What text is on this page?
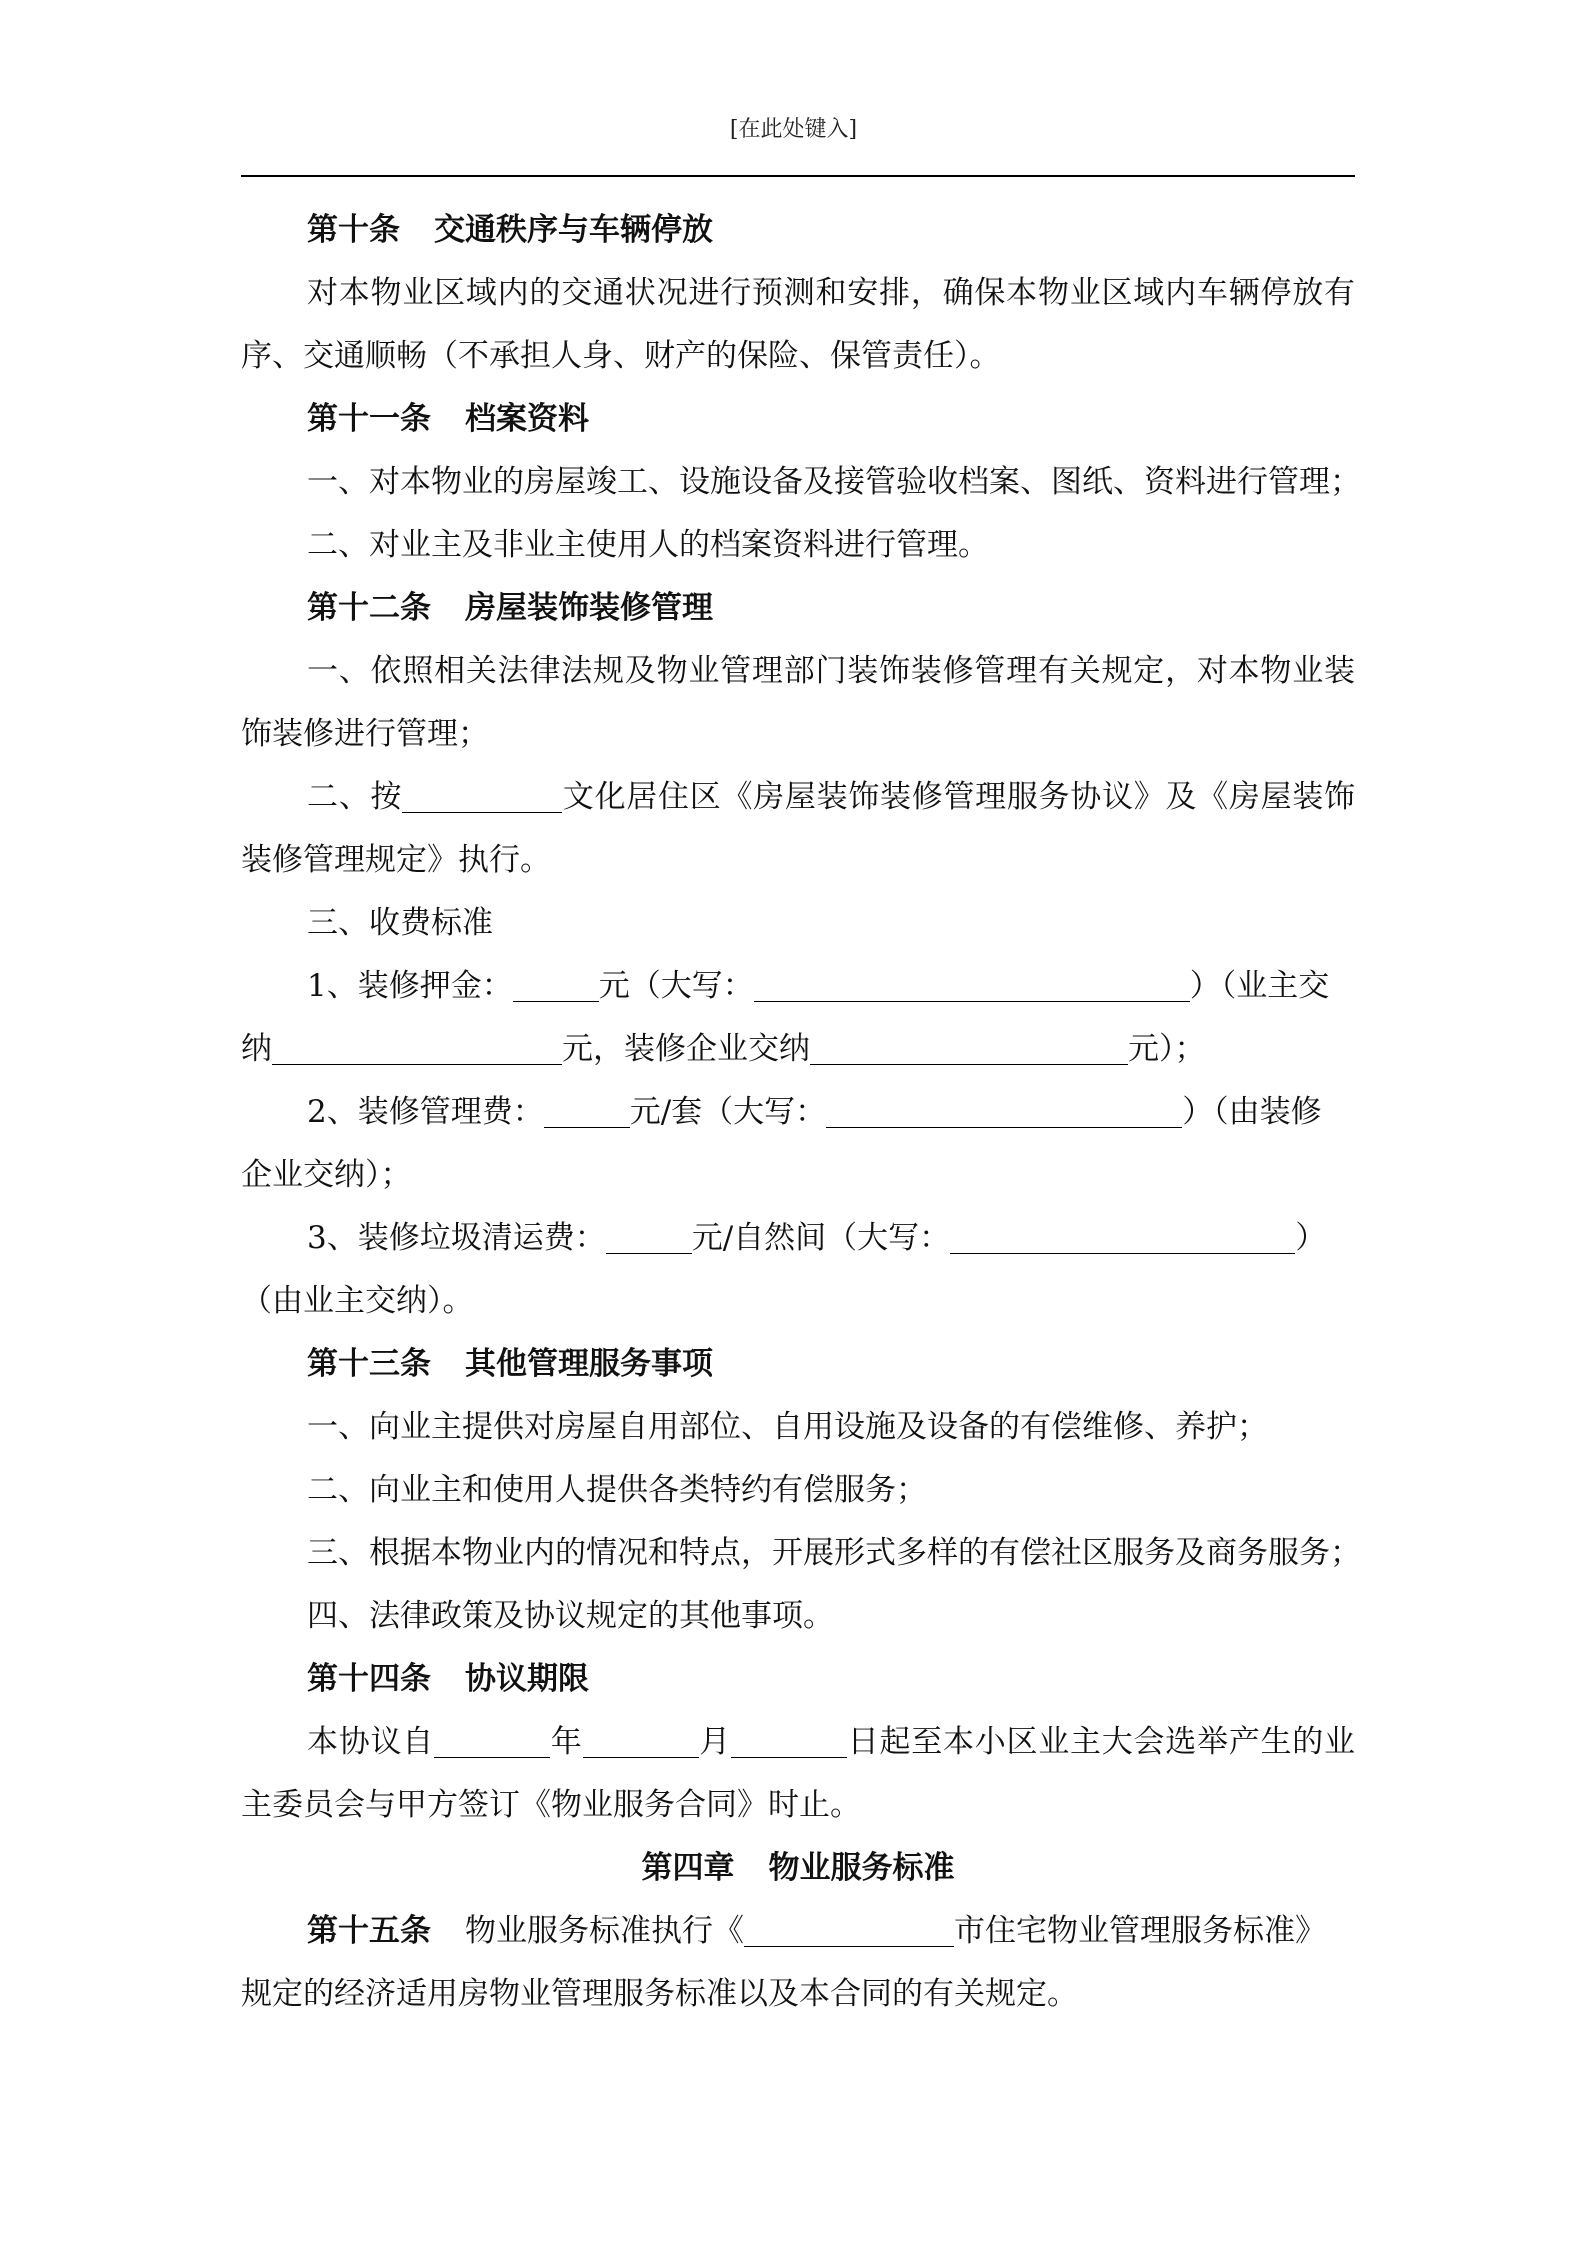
[在此处键入]
第十条 交通秩序与车辆停放
对本物业区域内的交通状况进行预测和安排，确保本物业区域内车辆停放有
序、交通顺畅（不承担人身、财产的保险、保管责任）。
第十一条 档案资料
一、对本物业的房屋竣工、设施设备及接管验收档案、图纸、资料进行管理；
二、对业主及非业主使用人的档案资料进行管理。
第十二条 房屋装饰装修管理
一、依照相关法律法规及物业管理部门装饰装修管理有关规定，对本物业装
饰装修进行管理；
二、按	文化居住区《房屋装饰装修管理服务协议》及《房屋装饰
装修管理规定》执行。
三、收费标准
1、装修押金：	元（大写：	）（业主交
纳	元，装修企业交纳	元）；
2、装修管理费：	元/套（大写：	）（由装修
企业交纳）；
3、装修垃圾清运费：	元/自然间（大写：	）
（由业主交纳）。
第十三条 其他管理服务事项
一、向业主提供对房屋自用部位、自用设施及设备的有偿维修、养护；
二、向业主和使用人提供各类特约有偿服务；
三、根据本物业内的情况和特点，开展形式多样的有偿社区服务及商务服务；
四、法律政策及协议规定的其他事项。
第十四条 协议期限
本协议自	年	月	日起至本小区业主大会选举产生的业
主委员会与甲方签订《物业服务合同》时止。
第四章 物业服务标准
第十五条 物业服务标准执行《	市住宅物业管理服务标准》
规定的经济适用房物业管理服务标准以及本合同的有关规定。
